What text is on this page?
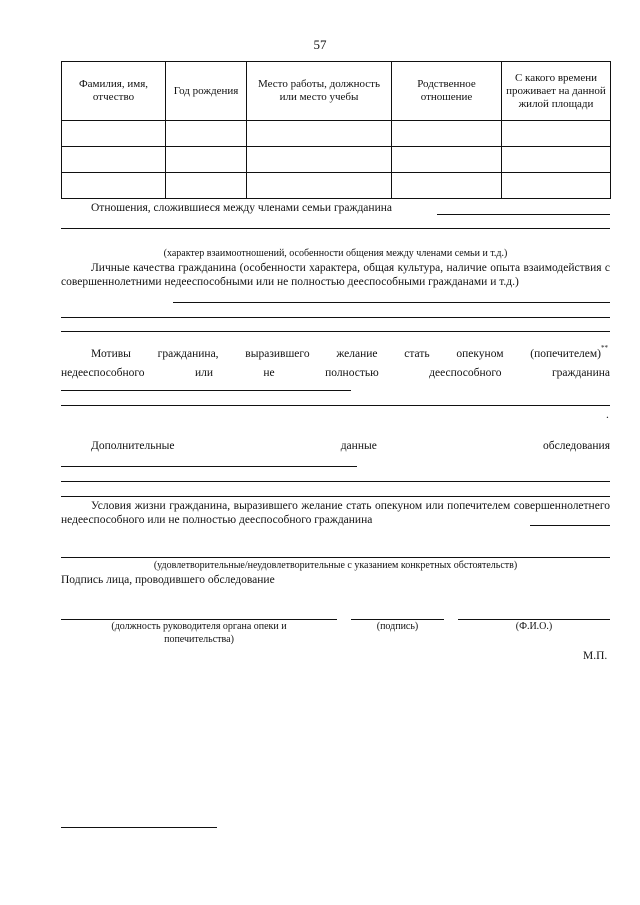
57
Фамилия, имя, отчество	Год рождения	Место работы, должность или место учебы	Родственное отношение	С какого времени проживает на данной жилой площади

Отношения, сложившиеся между членами семьи гражданина
(характер взаимоотношений, особенности общения между членами семьи и т.д.)
Личные качества гражданина (особенности характера, общая культура, наличие опыта взаимодействия с совершеннолетними недееспособными или не полностью дееспособными гражданами и т.д.)
Мотивы гражданина, выразившего желание стать опекуном (попечителем) **
недееспособного или не полностью дееспособного гражданина
.
Дополнительные данные обследования
Условия жизни гражданина, выразившего желание стать опекуном или попечителем совершеннолетнего недееспособного или не полностью дееспособного гражданина
(удовлетворительные/неудовлетворительные с указанием конкретных обстоятельств)
Подпись лица, проводившего обследование
(должность руководителя органа опеки и
попечительства)
(подпись)	(Ф.И.О.)
М.П.
